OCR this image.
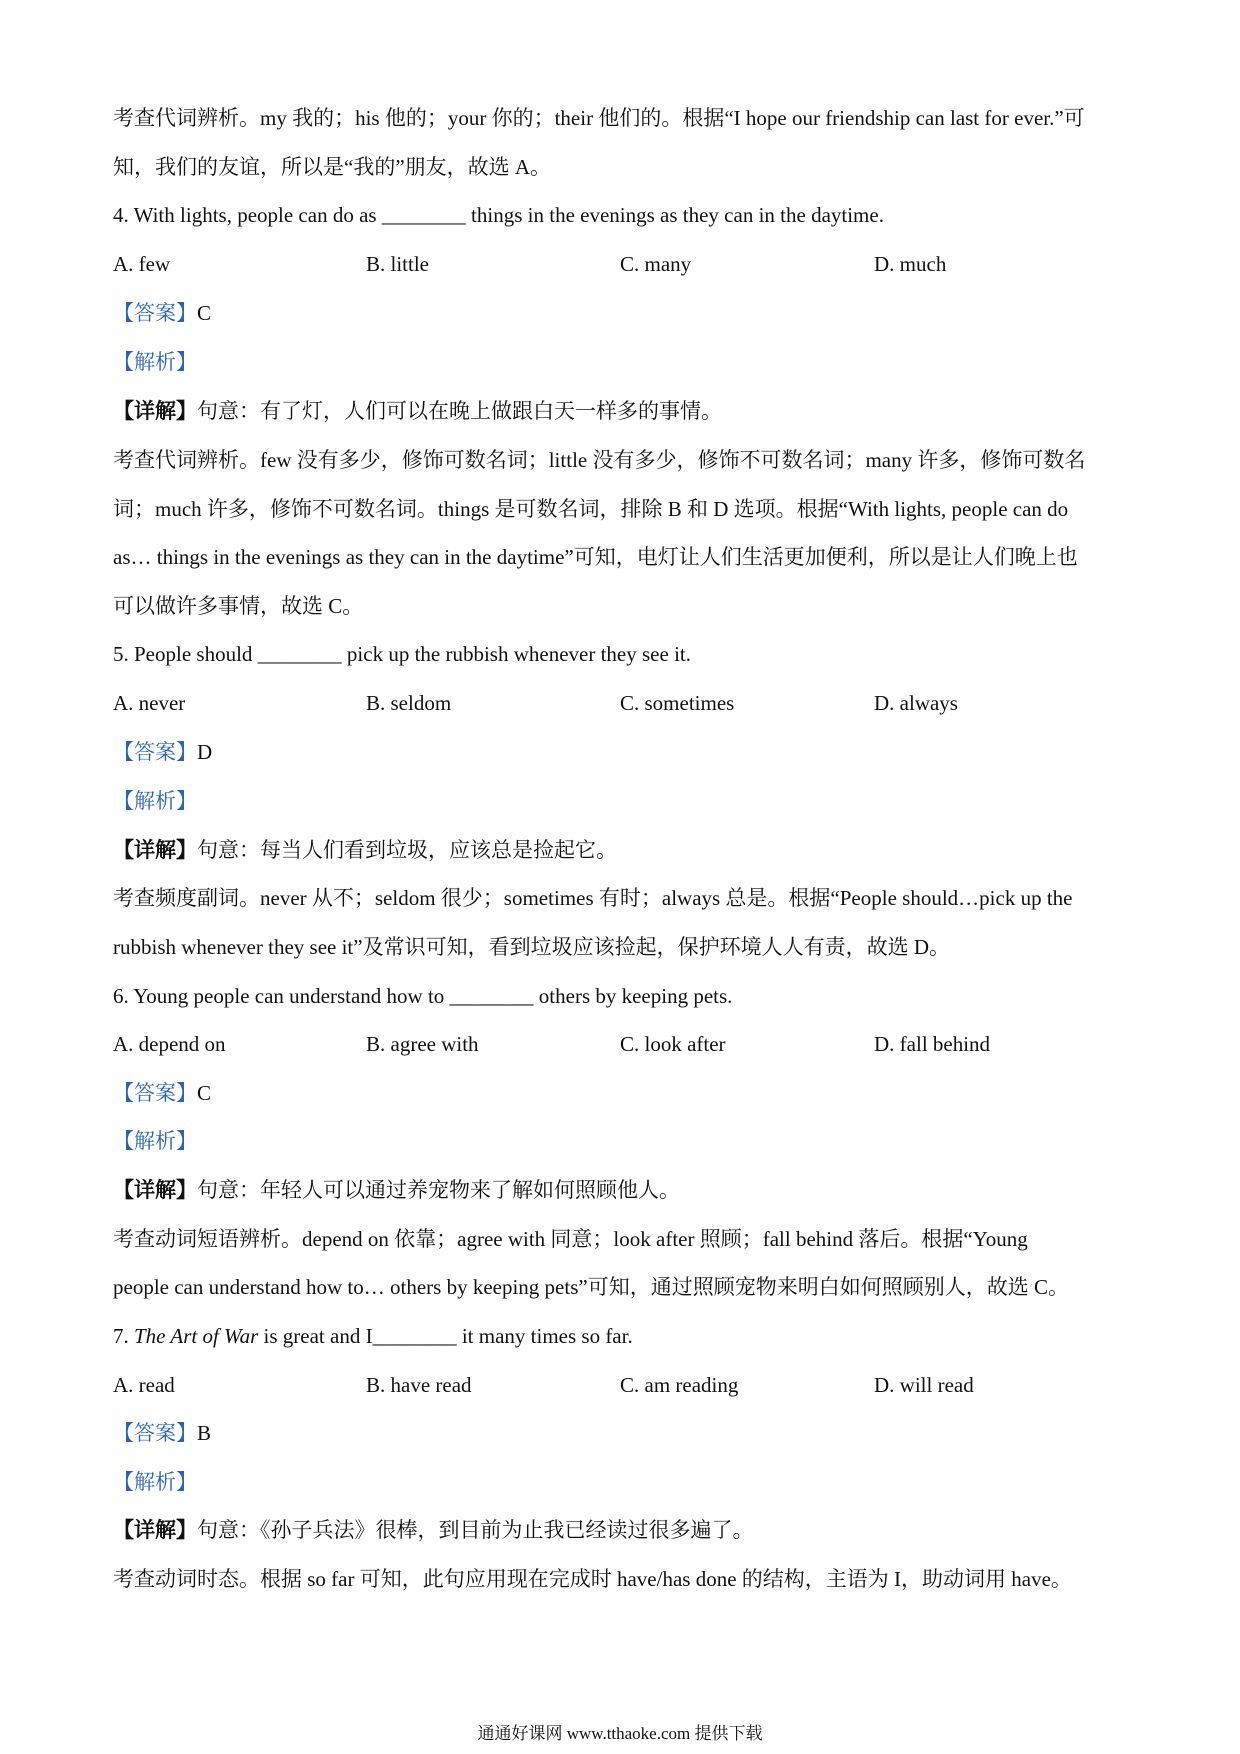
考查代词辨析。my 我的；his 他的；your 你的；their 他们的。根据“I hope our friendship can last for ever.”可
知，我们的友谊，所以是“我的”朋友，故选 A。
4. With lights, people can do as ________ things in the evenings as they can in the daytime.
A. few	B. little	C. many	D. much
【答案】C
【解析】
【详解】句意：有了灯，人们可以在晚上做跟白天一样多的事情。
考查代词辨析。few 没有多少，修饰可数名词；little 没有多少，修饰不可数名词；many 许多，修饰可数名
词；much 许多，修饰不可数名词。things 是可数名词，排除 B 和 D 选项。根据“With lights, people can do
as… things in the evenings as they can in the daytime”可知，电灯让人们生活更加便利，所以是让人们晚上也
可以做许多事情，故选 C。
5. People should ________ pick up the rubbish whenever they see it.
A. never	B. seldom	C. sometimes	D. always
【答案】D
【解析】
【详解】句意：每当人们看到垃圾，应该总是捡起它。
考查频度副词。never 从不；seldom 很少；sometimes 有时；always 总是。根据“People should…pick up the
rubbish whenever they see it”及常识可知，看到垃圾应该捡起，保护环境人人有责，故选 D。
6. Young people can understand how to ________ others by keeping pets.
A. depend on	B. agree with	C. look after	D. fall behind
【答案】C
【解析】
【详解】句意：年轻人可以通过养宠物来了解如何照顾他人。
考查动词短语辨析。depend on 依靠；agree with 同意；look after 照顾；fall behind 落后。根据“Young
people can understand how to… others by keeping pets”可知，通过照顾宠物来明白如何照顾别人，故选 C。
7. The Art of War is great and I________ it many times so far.
A. read	B. have read	C. am reading	D. will read
【答案】B
【解析】
【详解】句意：《孙子兵法》很棒，到目前为止我已经读过很多遍了。
考查动词时态。根据 so far 可知，此句应用现在完成时 have/has done 的结构，主语为 I，助动词用 have。
通通好课网 www.tthaoke.com 提供下载
